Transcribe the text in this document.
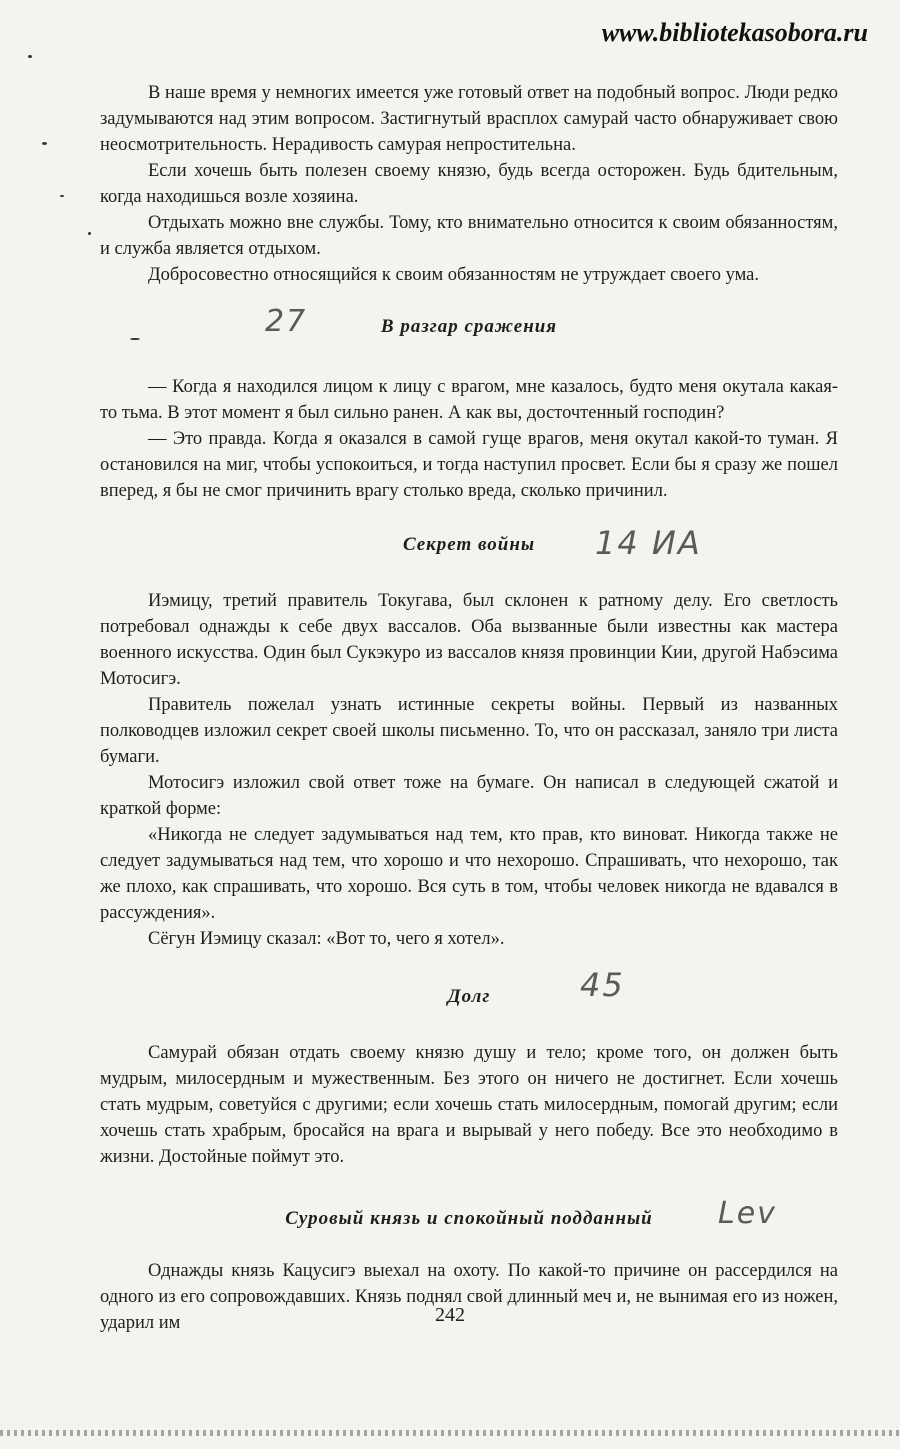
www.bibliotekasobora.ru

В наше время у немногих имеется уже готовый ответ на подобный вопрос. Люди редко задумываются над этим вопросом. Застигнутый врасплох самурай часто обнаруживает свою неосмотрительность. Нерадивость самурая непростительна.

Если хочешь быть полезен своему князю, будь всегда осторожен. Будь бдительным, когда находишься возле хозяина.

Отдыхать можно вне службы. Тому, кто внимательно относится к своим обязанностям, и служба является отдыхом.

Добросовестно относящийся к своим обязанностям не утруждает своего ума.

В разгар сражения
27

— Когда я находился лицом к лицу с врагом, мне казалось, будто меня окутала какая-то тьма. В этот момент я был сильно ранен. А как вы, досточтенный господин?

— Это правда. Когда я оказался в самой гуще врагов, меня окутал какой-то туман. Я остановился на миг, чтобы успокоиться, и тогда наступил просвет. Если бы я сразу же пошел вперед, я бы не смог причинить врагу столько вреда, сколько причинил.

Секрет войны 14 ИА

Иэмицу, третий правитель Токугава, был склонен к ратному делу. Его светлость потребовал однажды к себе двух вассалов. Оба вызванные были известны как мастера военного искусства. Один был Сукэкуро из вассалов князя провинции Кии, другой Набэсима Мотосигэ.

Правитель пожелал узнать истинные секреты войны. Первый из названных полководцев изложил секрет своей школы письменно. То, что он рассказал, заняло три листа бумаги.

Мотосигэ изложил свой ответ тоже на бумаге. Он написал в следующей сжатой и краткой форме:

«Никогда не следует задумываться над тем, кто прав, кто виноват. Никогда также не следует задумываться над тем, что хорошо и что нехорошо. Спрашивать, что нехорошо, так же плохо, как спрашивать, что хорошо. Вся суть в том, чтобы человек никогда не вдавался в рассуждения».

Сёгун Иэмицу сказал: «Вот то, чего я хотел».

Долг	45

Самурай обязан отдать своему князю душу и тело; кроме того, он должен быть мудрым, милосердным и мужественным. Без этого он ничего не достигнет. Если хочешь стать мудрым, советуйся с другими; если хочешь стать милосердным, помогай другим; если хочешь стать храбрым, бросайся на врага и вырывай у него победу. Все это необходимо в жизни. Достойные поймут это.

Суровый князь и спокойный подданный Lev

Однажды князь Кацусигэ выехал на охоту. По какой-то причине он рассердился на одного из его сопровождавших. Князь поднял свой длинный меч и, не вынимая его из ножен, ударил им	242
